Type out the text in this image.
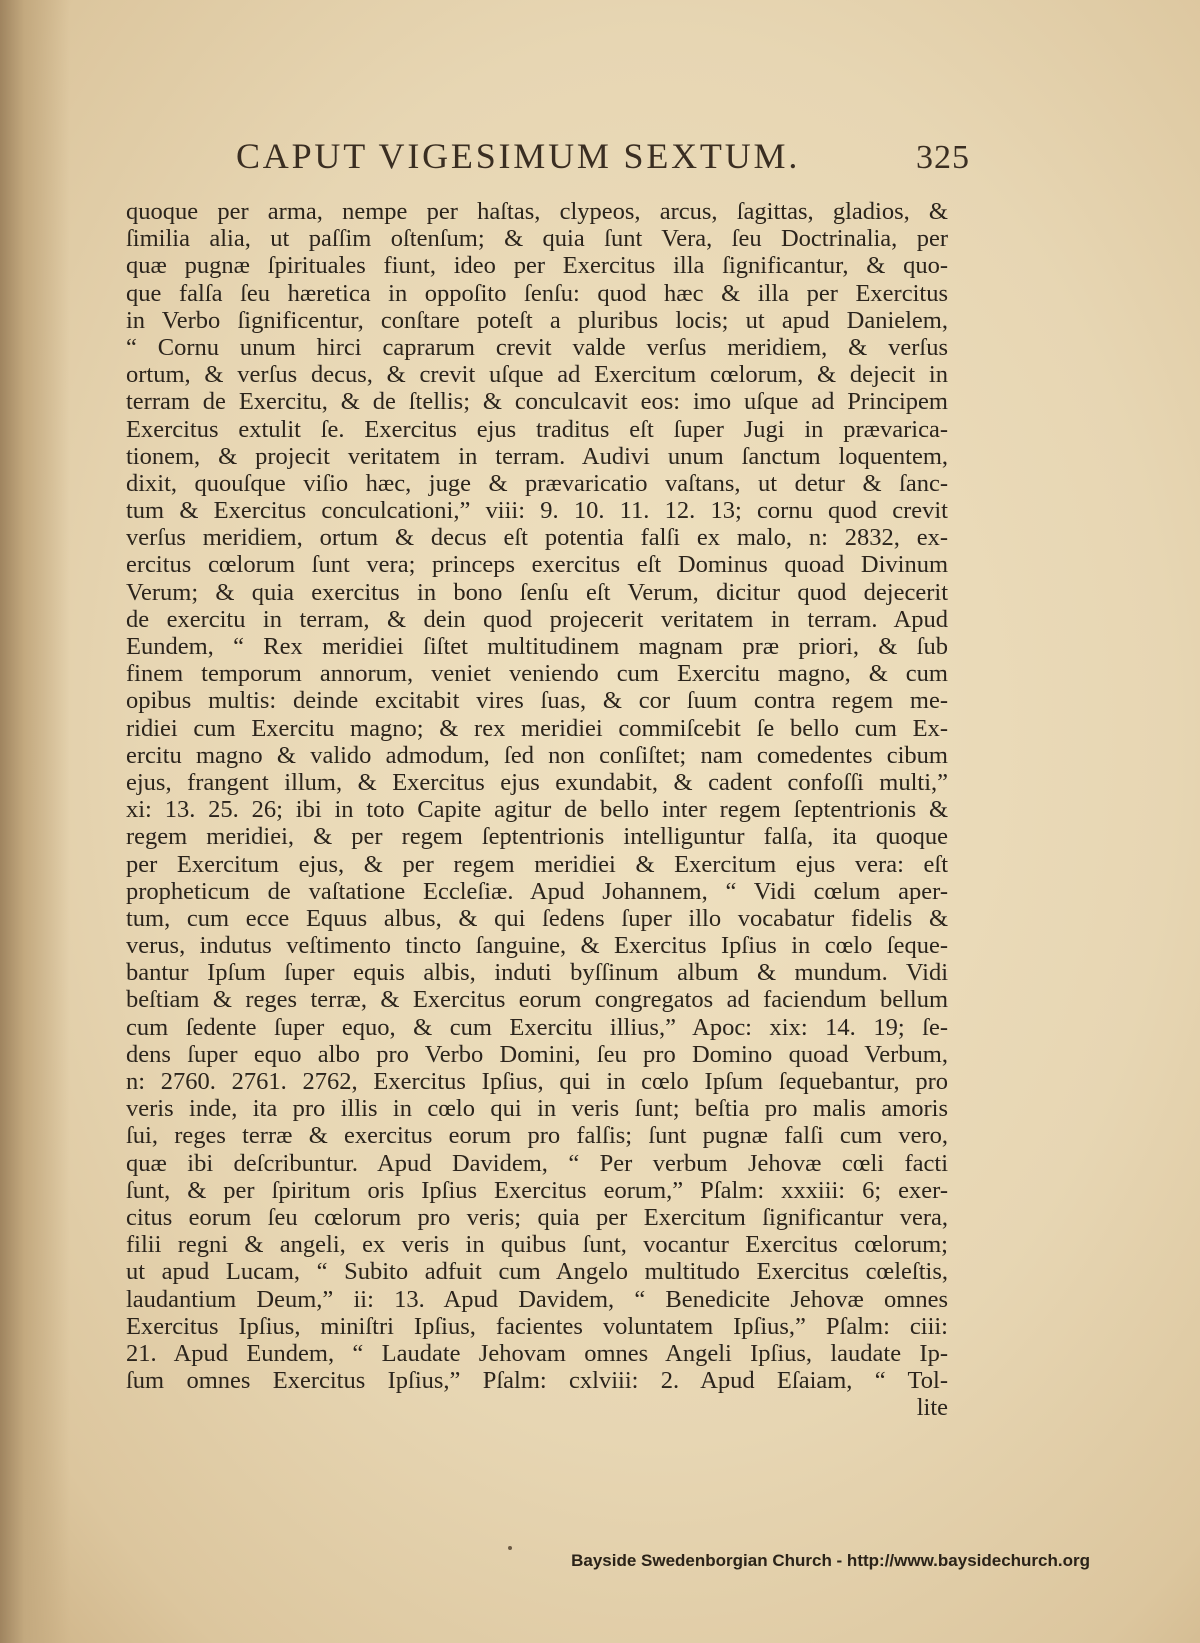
CAPUT VIGESIMUM SEXTUM.	325
quoque per arma, nempe per haſtas, clypeos, arcus, ſagittas, gladios, &
ſimilia alia, ut paſſim oſtenſum; & quia ſunt Vera, ſeu Doctrinalia, per
quæ pugnæ ſpirituales fiunt, ideo per Exercitus illa ſignificantur, & quo-
que falſa ſeu hæretica in oppoſito ſenſu: quod hæc & illa per Exercitus
in Verbo ſignificentur, conſtare poteſt a pluribus locis; ut apud Danielem,
“ Cornu unum hirci caprarum crevit valde verſus meridiem, & verſus
ortum, & verſus decus, & crevit uſque ad Exercitum cœlorum, & dejecit in
terram de Exercitu, & de ſtellis; & conculcavit eos: imo uſque ad Principem
Exercitus extulit ſe. Exercitus ejus traditus eſt ſuper Jugi in prævarica-
tionem, & projecit veritatem in terram. Audivi unum ſanctum loquentem,
dixit, quouſque viſio hæc, juge & prævaricatio vaſtans, ut detur & ſanc-
tum & Exercitus conculcationi,” viii: 9. 10. 11. 12. 13; cornu quod crevit
verſus meridiem, ortum & decus eſt potentia falſi ex malo, n: 2832, ex-
ercitus cœlorum ſunt vera; princeps exercitus eſt Dominus quoad Divinum
Verum; & quia exercitus in bono ſenſu eſt Verum, dicitur quod dejecerit
de exercitu in terram, & dein quod projecerit veritatem in terram. Apud
Eundem, “ Rex meridiei ſiſtet multitudinem magnam præ priori, & ſub
finem temporum annorum, veniet veniendo cum Exercitu magno, & cum
opibus multis: deinde excitabit vires ſuas, & cor ſuum contra regem me-
ridiei cum Exercitu magno; & rex meridiei commiſcebit ſe bello cum Ex-
ercitu magno & valido admodum, ſed non conſiſtet; nam comedentes cibum
ejus, frangent illum, & Exercitus ejus exundabit, & cadent confoſſi multi,”
xi: 13. 25. 26; ibi in toto Capite agitur de bello inter regem ſeptentrionis &
regem meridiei, & per regem ſeptentrionis intelliguntur falſa, ita quoque
per Exercitum ejus, & per regem meridiei & Exercitum ejus vera: eſt
propheticum de vaſtatione Eccleſiæ. Apud Johannem, “ Vidi cœlum aper-
tum, cum ecce Equus albus, & qui ſedens ſuper illo vocabatur fidelis &
verus, indutus veſtimento tincto ſanguine, & Exercitus Ipſius in cœlo ſeque-
bantur Ipſum ſuper equis albis, induti byſſinum album & mundum. Vidi
beſtiam & reges terræ, & Exercitus eorum congregatos ad faciendum bellum
cum ſedente ſuper equo, & cum Exercitu illius,” Apoc: xix: 14. 19; ſe-
dens ſuper equo albo pro Verbo Domini, ſeu pro Domino quoad Verbum,
n: 2760. 2761. 2762, Exercitus Ipſius, qui in cœlo Ipſum ſequebantur, pro
veris inde, ita pro illis in cœlo qui in veris ſunt; beſtia pro malis amoris
ſui, reges terræ & exercitus eorum pro falſis; ſunt pugnæ falſi cum vero,
quæ ibi deſcribuntur. Apud Davidem, “ Per verbum Jehovæ cœli facti
ſunt, & per ſpiritum oris Ipſius Exercitus eorum,” Pſalm: xxxiii: 6; exer-
citus eorum ſeu cœlorum pro veris; quia per Exercitum ſignificantur vera,
filii regni & angeli, ex veris in quibus ſunt, vocantur Exercitus cœlorum;
ut apud Lucam, “ Subito adfuit cum Angelo multitudo Exercitus cœleſtis,
laudantium Deum,” ii: 13. Apud Davidem, “ Benedicite Jehovæ omnes
Exercitus Ipſius, miniſtri Ipſius, facientes voluntatem Ipſius,” Pſalm: ciii:
21. Apud Eundem, “ Laudate Jehovam omnes Angeli Ipſius, laudate Ip-
ſum omnes Exercitus Ipſius,” Pſalm: cxlviii: 2. Apud Eſaiam, “ Tol-
lite
Bayside Swedenborgian Church - http://www.baysidechurch.org
